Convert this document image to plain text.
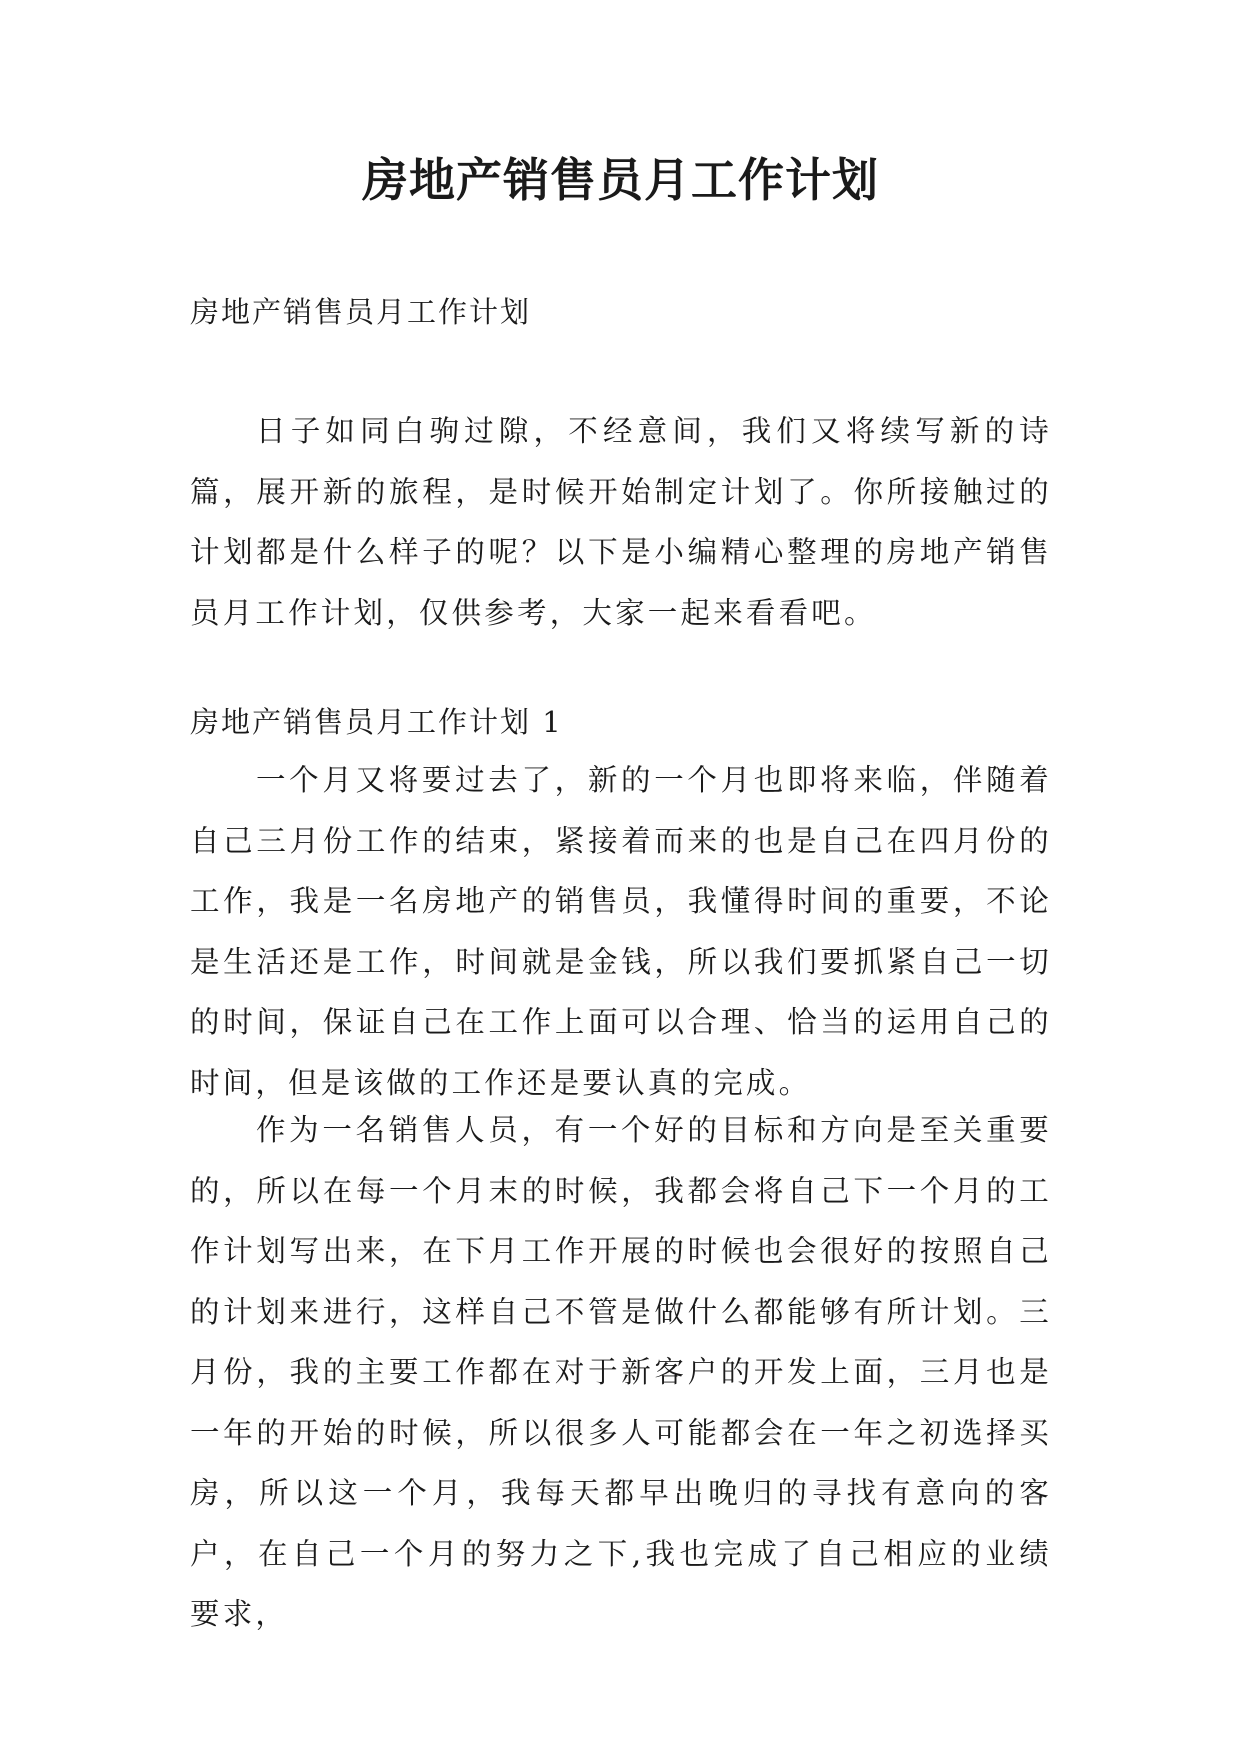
房地产销售员月工作计划

房地产销售员月工作计划

日子如同白驹过隙，不经意间，我们又将续写新的诗篇，展开新的旅程，是时候开始制定计划了。你所接触过的计划都是什么样子的呢？以下是小编精心整理的房地产销售员月工作计划，仅供参考，大家一起来看看吧。

房地产销售员月工作计划 1

一个月又将要过去了，新的一个月也即将来临，伴随着自己三月份工作的结束，紧接着而来的也是自己在四月份的工作，我是一名房地产的销售员，我懂得时间的重要，不论是生活还是工作，时间就是金钱，所以我们要抓紧自己一切的时间，保证自己在工作上面可以合理、恰当的运用自己的时间，但是该做的工作还是要认真的完成。

作为一名销售人员，有一个好的目标和方向是至关重要的，所以在每一个月末的时候，我都会将自己下一个月的工作计划写出来，在下月工作开展的时候也会很好的按照自己的计划来进行，这样自己不管是做什么都能够有所计划。三月份，我的主要工作都在对于新客户的开发上面，三月也是一年的开始的时候，所以很多人可能都会在一年之初选择买房，所以这一个月，我每天都早出晚归的寻找有意向的客户，在自己一个月的努力之下,我也完成了自己相应的业绩要求，
